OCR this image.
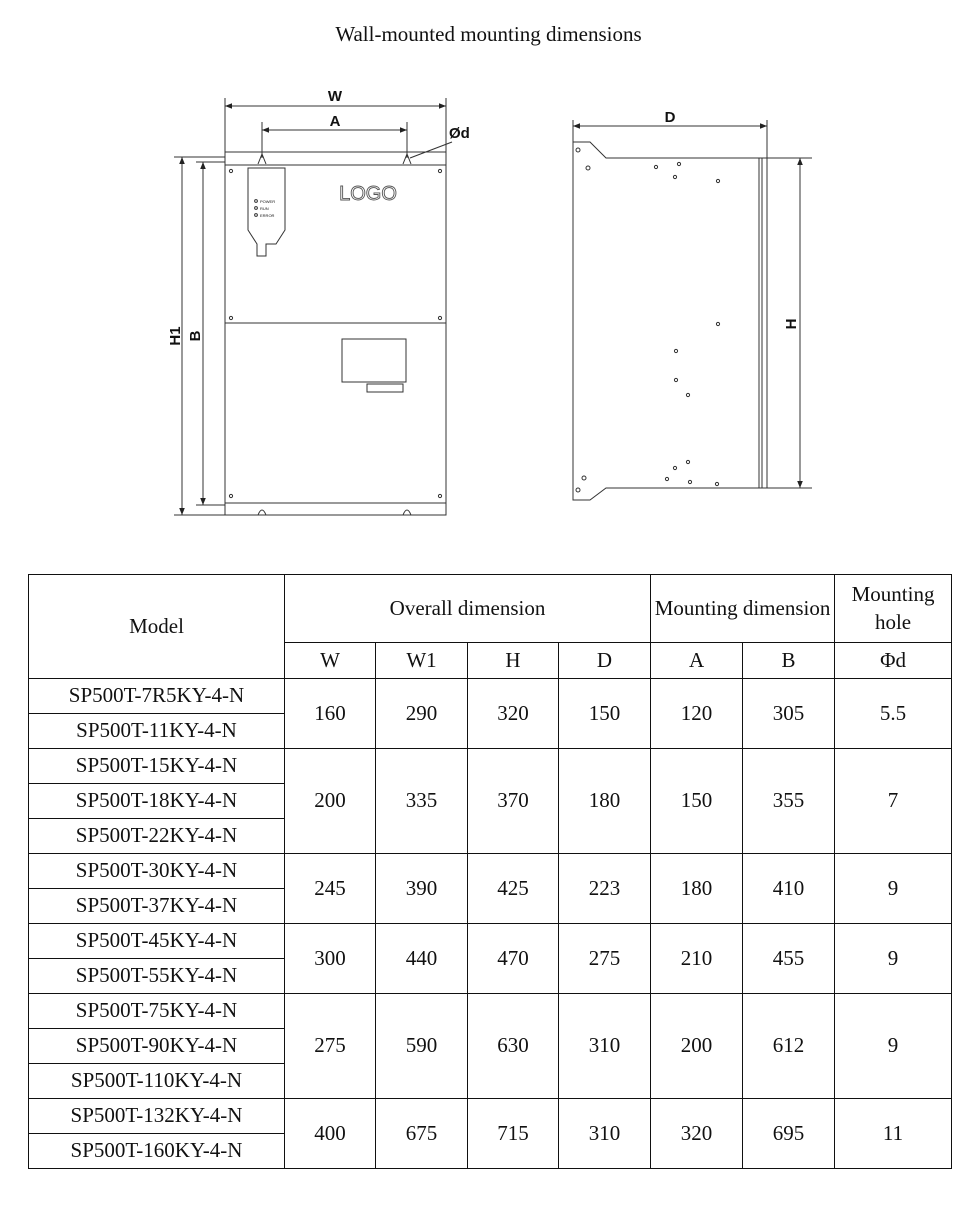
Wall-mounted mounting dimensions
W
A
Ød
LOGO
POWER
RUN
ERROR
H1 B
D
H
Model	Overall dimension				Mounting dimension		Mounting hole
	W	W1	H	D	A	B	Φd
SP500T-7R5KY-4-N	160	290	320	150	120	305	5.5
SP500T-11KY-4-N							
SP500T-15KY-4-N	200	335	370	180	150	355	7
SP500T-18KY-4-N							
SP500T-22KY-4-N							
SP500T-30KY-4-N	245	390	425	223	180	410	9
SP500T-37KY-4-N							
SP500T-45KY-4-N	300	440	470	275	210	455	9
SP500T-55KY-4-N							
SP500T-75KY-4-N	275	590	630	310	200	612	9
SP500T-90KY-4-N							
SP500T-110KY-4-N							
SP500T-132KY-4-N	400	675	715	310	320	695	11
SP500T-160KY-4-N							
